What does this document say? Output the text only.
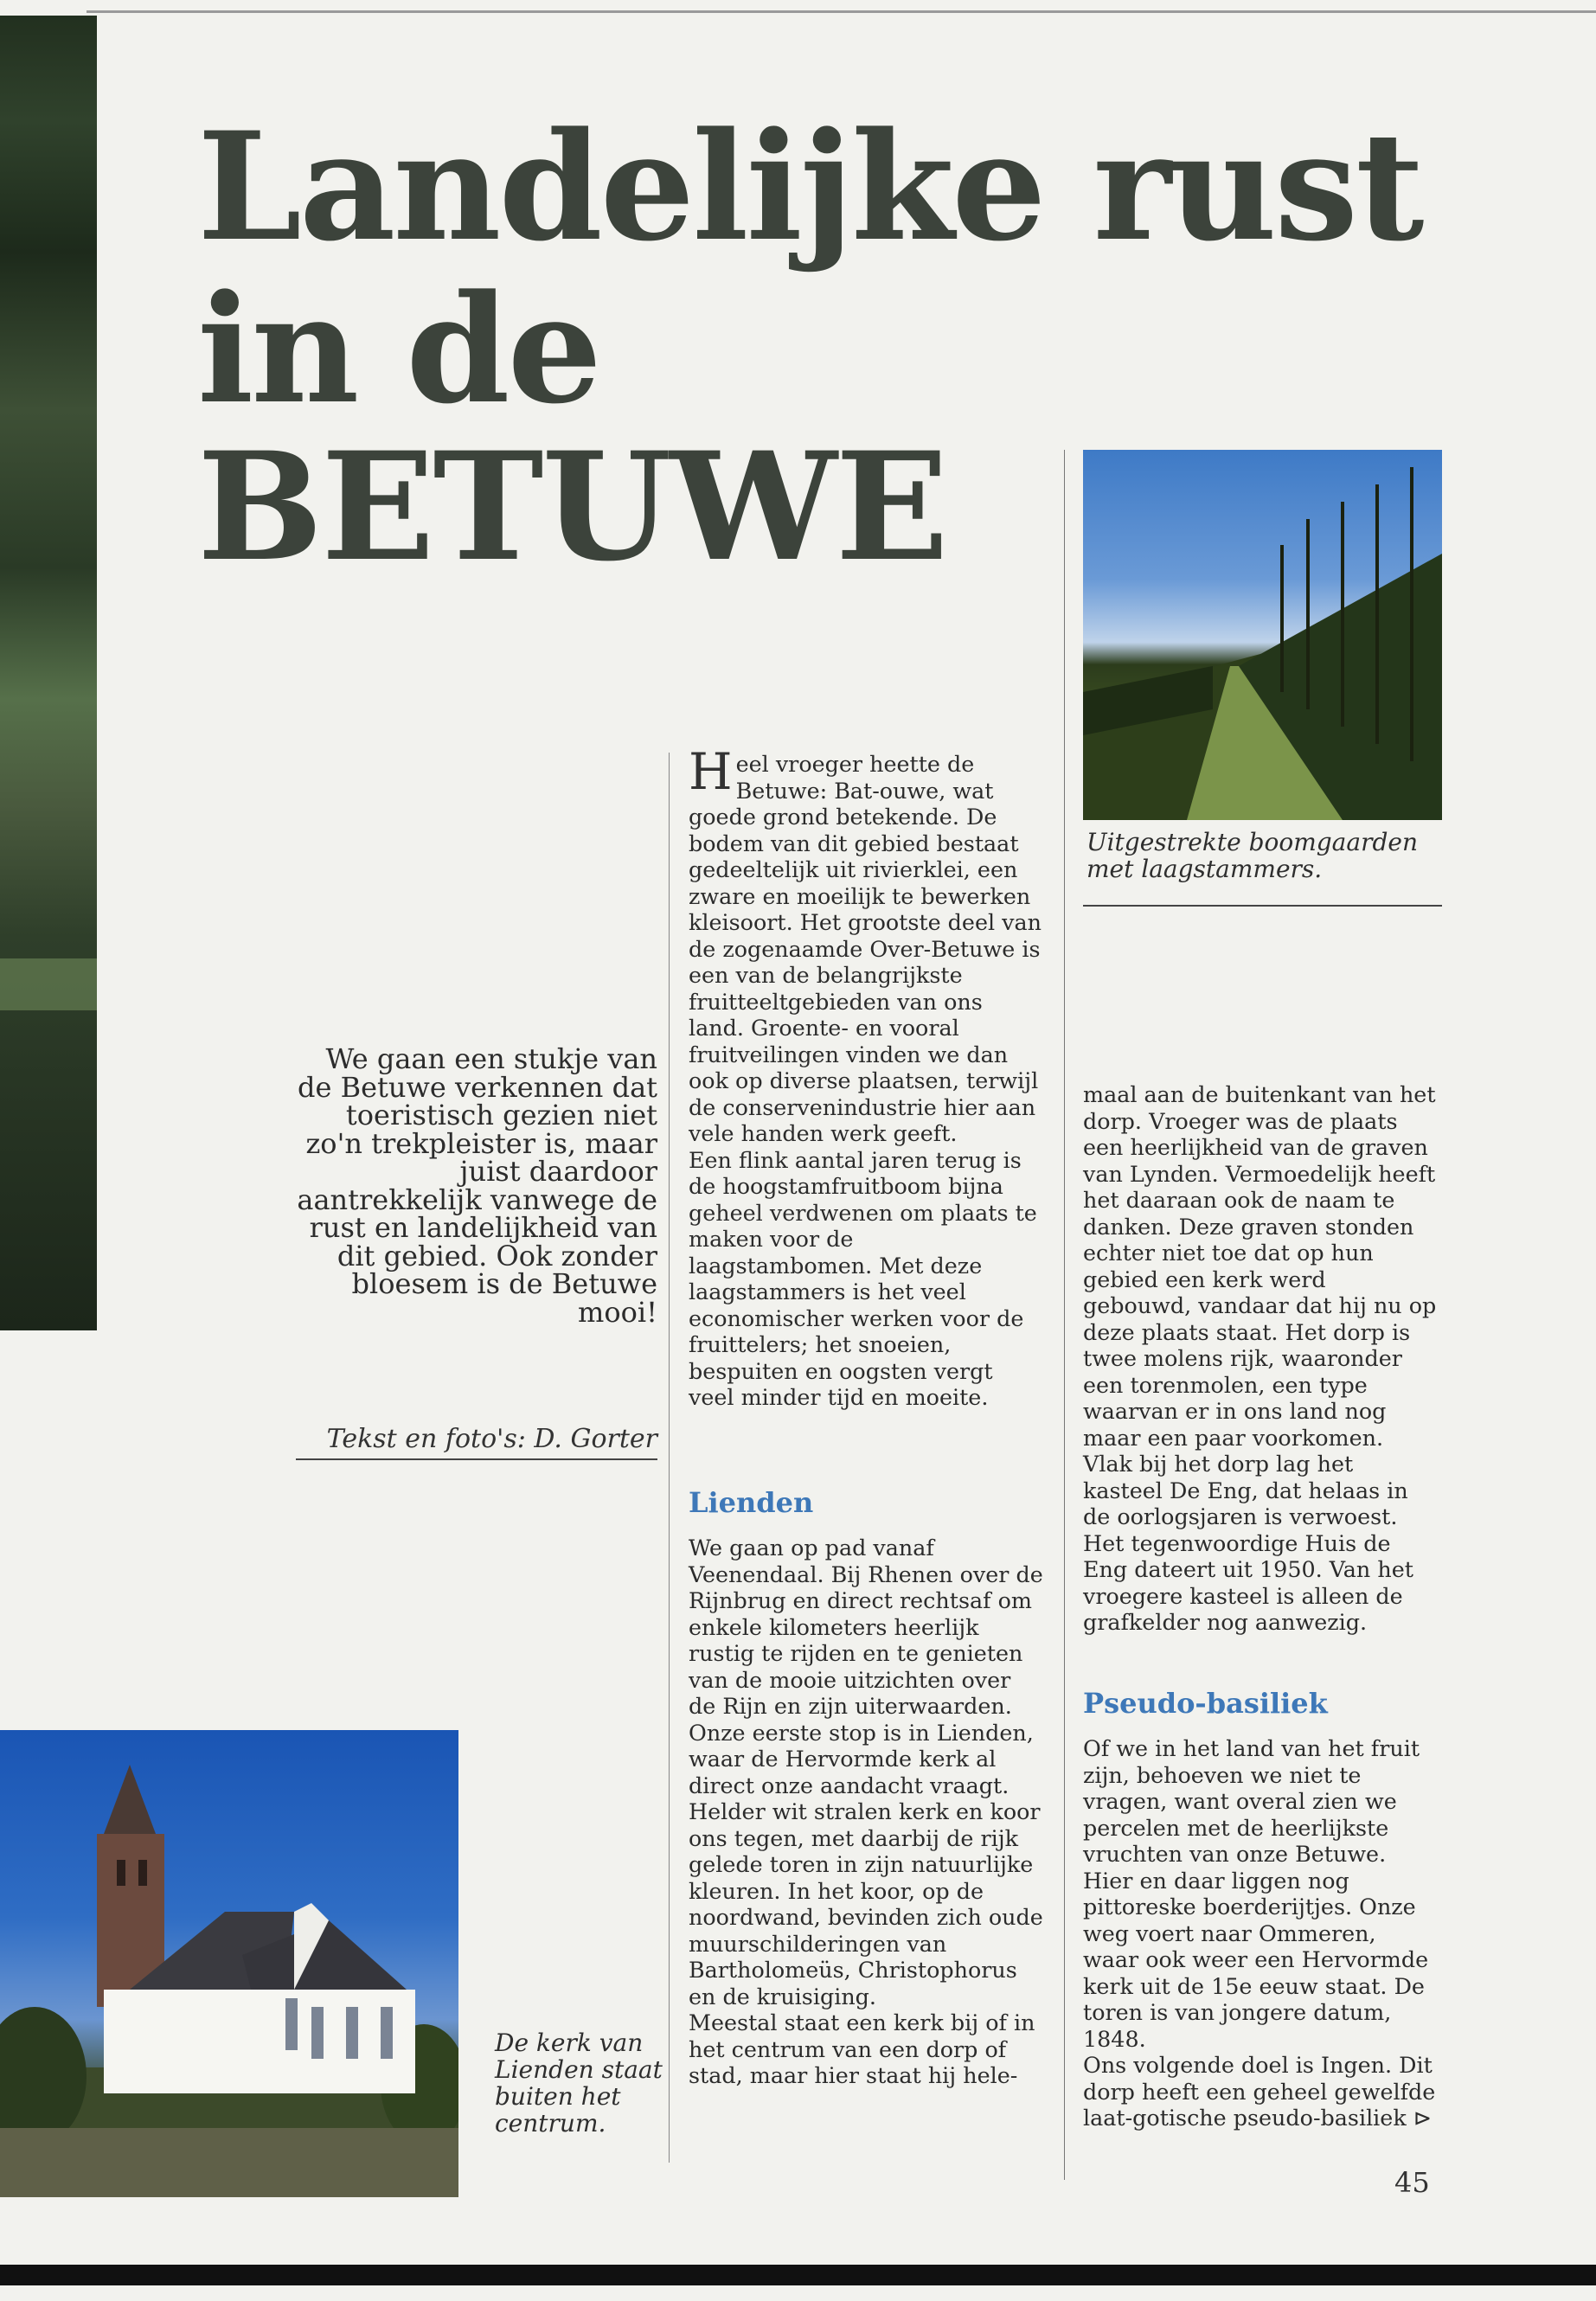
Landelijke rust
in de
BETUWE
Uitgestrekte boomgaarden met laagstammers.
We gaan een stukje van de Betuwe verkennen dat toeristisch gezien niet zo'n trekpleister is, maar juist daardoor aantrekkelijk vanwege de rust en landelijkheid van dit gebied. Ook zonder bloesem is de Betuwe mooi!
Tekst en foto's: D. Gorter

Heel vroeger heette de Betuwe: Bat-ouwe, wat goede grond betekende. De bodem van dit gebied bestaat gedeeltelijk uit rivierklei, een zware en moeilijk te bewerken kleisoort. Het grootste deel van de zogenaamde Over-Betuwe is een van de belangrijkste fruitteeltgebieden van ons land. Groente- en vooral fruitveilingen vinden we dan ook op diverse plaatsen, terwijl de conservenindustrie hier aan vele handen werk geeft.

Een flink aantal jaren terug is de hoogstamfruitboom bijna geheel verdwenen om plaats te maken voor de laagstambomen. Met deze laagstammers is het veel economischer werken voor de fruittelers; het snoeien, bespuiten en oogsten vergt veel minder tijd en moeite.

Lienden

We gaan op pad vanaf Veenendaal. Bij Rhenen over de Rijnbrug en direct rechtsaf om enkele kilometers heerlijk rustig te rijden en te genieten van de mooie uitzichten over de Rijn en zijn uiterwaarden.

Onze eerste stop is in Lienden, waar de Hervormde kerk al direct onze aandacht vraagt. Helder wit stralen kerk en koor ons tegen, met daarbij de rijk gelede toren in zijn natuurlijke kleuren. In het koor, op de noordwand, bevinden zich oude muurschilderingen van Bartholomeüs, Christophorus en de kruisiging.

Meestal staat een kerk bij of in het centrum van een dorp of stad, maar hier staat hij hele-

maal aan de buitenkant van het dorp. Vroeger was de plaats een heerlijkheid van de graven van Lynden. Vermoedelijk heeft het daaraan ook de naam te danken. Deze graven stonden echter niet toe dat op hun gebied een kerk werd gebouwd, vandaar dat hij nu op deze plaats staat. Het dorp is twee molens rijk, waaronder een torenmolen, een type waarvan er in ons land nog maar een paar voorkomen. Vlak bij het dorp lag het kasteel De Eng, dat helaas in de oorlogsjaren is verwoest. Het tegenwoordige Huis de Eng dateert uit 1950. Van het vroegere kasteel is alleen de grafkelder nog aanwezig.

Pseudo-basiliek

Of we in het land van het fruit zijn, behoeven we niet te vragen, want overal zien we percelen met de heerlijkste vruchten van onze Betuwe. Hier en daar liggen nog pittoreske boerderijtjes. Onze weg voert naar Ommeren, waar ook weer een Hervormde kerk uit de 15e eeuw staat. De toren is van jongere datum, 1848.

Ons volgende doel is Ingen. Dit dorp heeft een geheel gewelfde laat-gotische pseudo-basiliek ⊳

De kerk van Lienden staat buiten het centrum.
45
